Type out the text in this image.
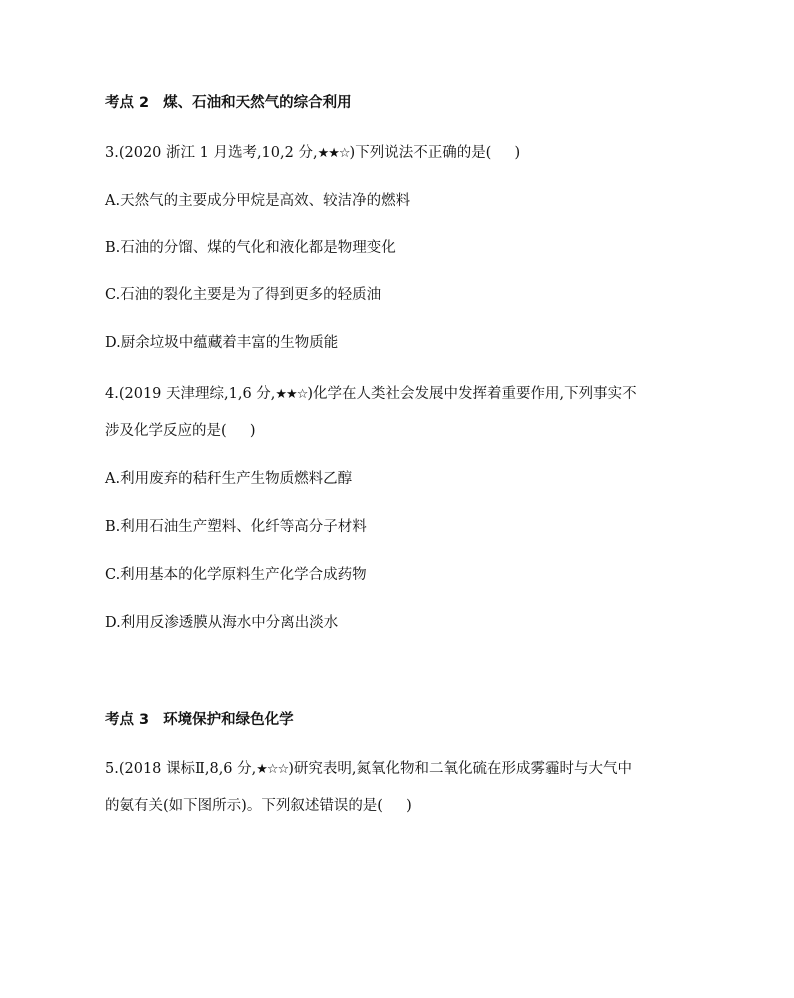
考点 2 煤、石油和天然气的综合利用
3.(2020 浙江 1 月选考,10,2 分,★★☆)下列说法不正确的是( )
A.天然气的主要成分甲烷是高效、较洁净的燃料
B.石油的分馏、煤的气化和液化都是物理变化
C.石油的裂化主要是为了得到更多的轻质油
D.厨余垃圾中蕴藏着丰富的生物质能
4.(2019 天津理综,1,6 分,★★☆)化学在人类社会发展中发挥着重要作用,下列事实不
涉及化学反应的是( )
A.利用废弃的秸秆生产生物质燃料乙醇
B.利用石油生产塑料、化纤等高分子材料
C.利用基本的化学原料生产化学合成药物
D.利用反渗透膜从海水中分离出淡水
考点 3 环境保护和绿色化学
5.(2018 课标Ⅱ,8,6 分,★☆☆)研究表明,氮氧化物和二氧化硫在形成雾霾时与大气中
的氨有关(如下图所示)。下列叙述错误的是( )
